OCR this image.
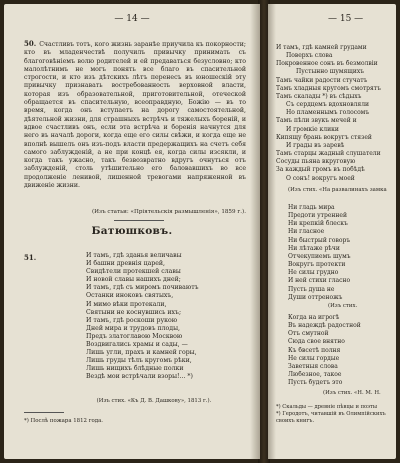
— 14 —
50. Счастливъ тотъ, кого жизнь заранѣе приучила къ покорности; кто въ младенчествѣ получилъ привычку принимать съ благоговѣніемъ волю родителей и ей предаваться безусловно; кто малолѣтнимъ не могъ понять все благо въ спасительной строгости, и кто изъ дѣтскихъ лѣтъ перенесъ въ юношескій эту привычку признавать востребованность верховной власти, которая изъ образовательной, приготовительной, отеческой обращается въ спасительную, всеоправдную, Божію — въ то время, когда онъ вступаетъ на дорогу самостоятельной, дѣятельной жизни, для страшныхъ встрѣчъ и тяжелыхъ бореній, и вдвое счастливъ онъ, если эта встрѣча и боренія начнутся для него въ началѣ дороги, когда еще его силы свѣжи, и когда еще не вполнѣ вышелъ онъ изъ-подъ власти предержащихъ на счетъ себя самого заблужденій, а не при концѣ ея, когда силы изсякли, и когда такъ ужасно, такъ безвозвратно вдругъ очнуться отъ заблужденій, столь утѣшительно его баловавшихъ во все продолженіе ленивой, лишенной тревогами напряженной въ движеніе жизни.
(Изъ статьи: «Пріятельскія размышленія», 1859 г.).
Батюшковъ.
51.	И тамъ, гдѣ зданья величавы
И башни древнія царей,
Свидѣтели протекшей славы
И новой славы нашихъ дней;
И тамъ, гдѣ съ миромъ почиваютъ
Останки иноковъ святыхъ,
И мимо вѣки протекали,
Святыни не коснувшись ихъ;
И тамъ, гдѣ роскоши рукою
Дней мира и трудовъ плоды,
Предъ златоглавою Москвою
Воздвигались храмы и сады, —
Лишь угли, прахъ и камней горы,
Лишь груды тѣлъ кругомъ рѣки,
Лишь нищихъ блѣдные полки
Вездѣ мои встрѣчали взоры!... *)
(Изъ стих. «Къ Д. В. Дашкову», 1813 г.).
*) Послѣ пожара 1812 года.
— 15 —
И тамъ, гдѣ камней грудами
Поверхъ слова
Покровенное сонъ въ безмолвіи
Пустынно шумящихъ
Тамъ чайки радости стучатъ
Тамъ хладныя кругомъ смотрятъ
Тамъ скалады *) въ сѣдыхъ
Съ сердцемъ вдохновляли
Но пламеннымъ голосомъ
Тамъ пѣли звукъ мечей и
И громкіе клики
Кипящу брань вокругъ стязей
И грады въ заревѣ
Тамъ старцы жадный слушатели
Сосуды пьяна вкруговую
За каждый громъ въ побѣдѣ
О сонъ! вокругъ моей
(Изъ стих. «На развалинахъ замка
Ни гладь мира
Предоти утренней
Ни крепкій блескъ
Ни гласное
Ни быстрый говоръ
Ни лѣтаже рѣчи
Отчекупиемъ шумъ
Вокругъ протекти
Не силы грудно
И ней стихи гласно
Пусть душа не
Души оттреножъ
(Изъ стих.
Когда на игрогѣ
Въ надеждѣ радостной
Отъ смутной
Сюда свое внятно
Къ бвсетѣ полня
Не силы гордые
Заветныя слова
Любезное, такое
Пусть будетъ это
(Изъ стих. «Н. М. Н.
*) Скальды — древніе пѣвцы и поэты
*) Геродотъ, читавшій въ Олимпійскихъ своихъ книгъ.
